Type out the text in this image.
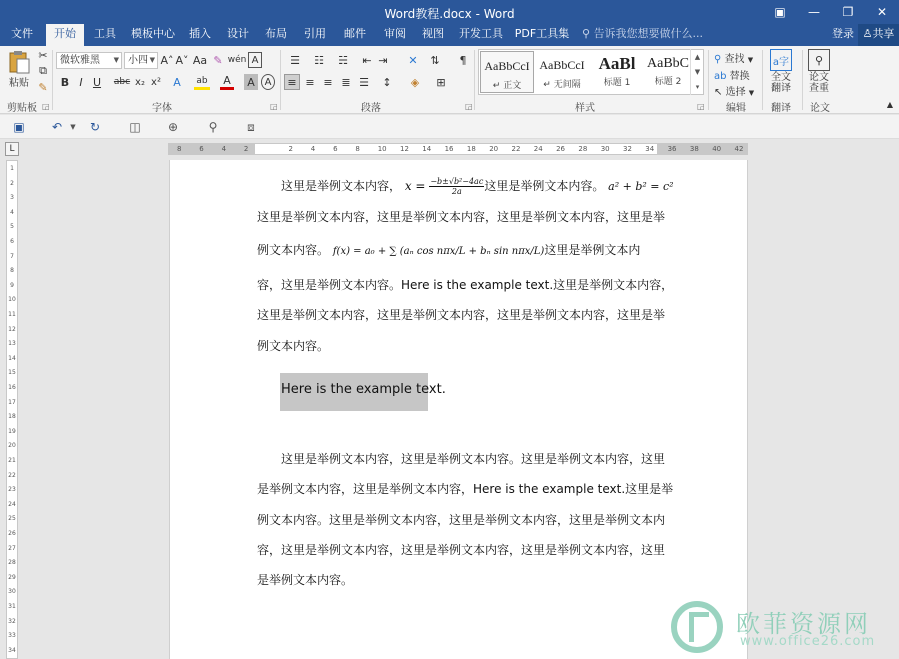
Word教程.docx - Word	▣	—	❐	✕
文件	开始	工具	模板中心	插入	设计	布局	引用	邮件	审阅	视图	开发工具 PDF工具集 ⚲ 告诉我您想要做什么...	登录 ♙共享
粘贴
✂
⧉
✎
剪贴板 ◲
微软雅黑 ▼ 小四 ▼ A˄ A˅ Aa ✎ wén A
B I U	abc x₂ x² A	ab A A A
字体	◲
☰ ☷ ☵ ⇤ ⇥ ✕ ⇅ ¶
≡ ≡ ≡ ≣ ☰ ↕ ◈ ⊞
段落	◲
AaBbCcI
↵ 正文
AaBbCcI
↵ 无间隔
AaBl
标题 1
AaBbC
标题 2
▲
▼
▾
样式	◲
⚲ 查找 ▼
ab 替换
↖ 选择 ▼
编辑
a字
全文
翻译
翻译
⚲
论文
查重
论文	▲
▣	↶	▼	↻	◫	⊕	⚲	⧈
L	8	6	4	2	2	4	6	8	10 12 14 16 18 20 22 24 26 28 30 32 34 36 38 40 42
1
2
3
4
5
6
7
8
9
10
11
12
13
14
15
16
17
18
19
20
21
22
23
24
25
26
27
28
29
30
31
32
33
34
这里是举例文本内容， $x = \frac{\text{−b±√b²−4ac}}{2a}$ 这里是举例文本内容。 a² + b² = c²
这里是举例文本内容，这里是举例文本内容，这里是举例文本内容，这里是举
例文本内容。 f(x) = a₀ + ∑ (aₙ cos nπx/L + bₙ sin nπx/L)这里是举例文本内
容，这里是举例文本内容。Here is the example text.这里是举例文本内容，
这里是举例文本内容，这里是举例文本内容，这里是举例文本内容，这里是举
例文本内容。
Here is the example text.
这里是举例文本内容，这里是举例文本内容。这里是举例文本内容，这里
是举例文本内容，这里是举例文本内容，Here is the example text.这里是举
例文本内容。这里是举例文本内容，这里是举例文本内容，这里是举例文本内
容，这里是举例文本内容，这里是举例文本内容，这里是举例文本内容，这里
是举例文本内容。
欧菲资源网
www.office26.com
